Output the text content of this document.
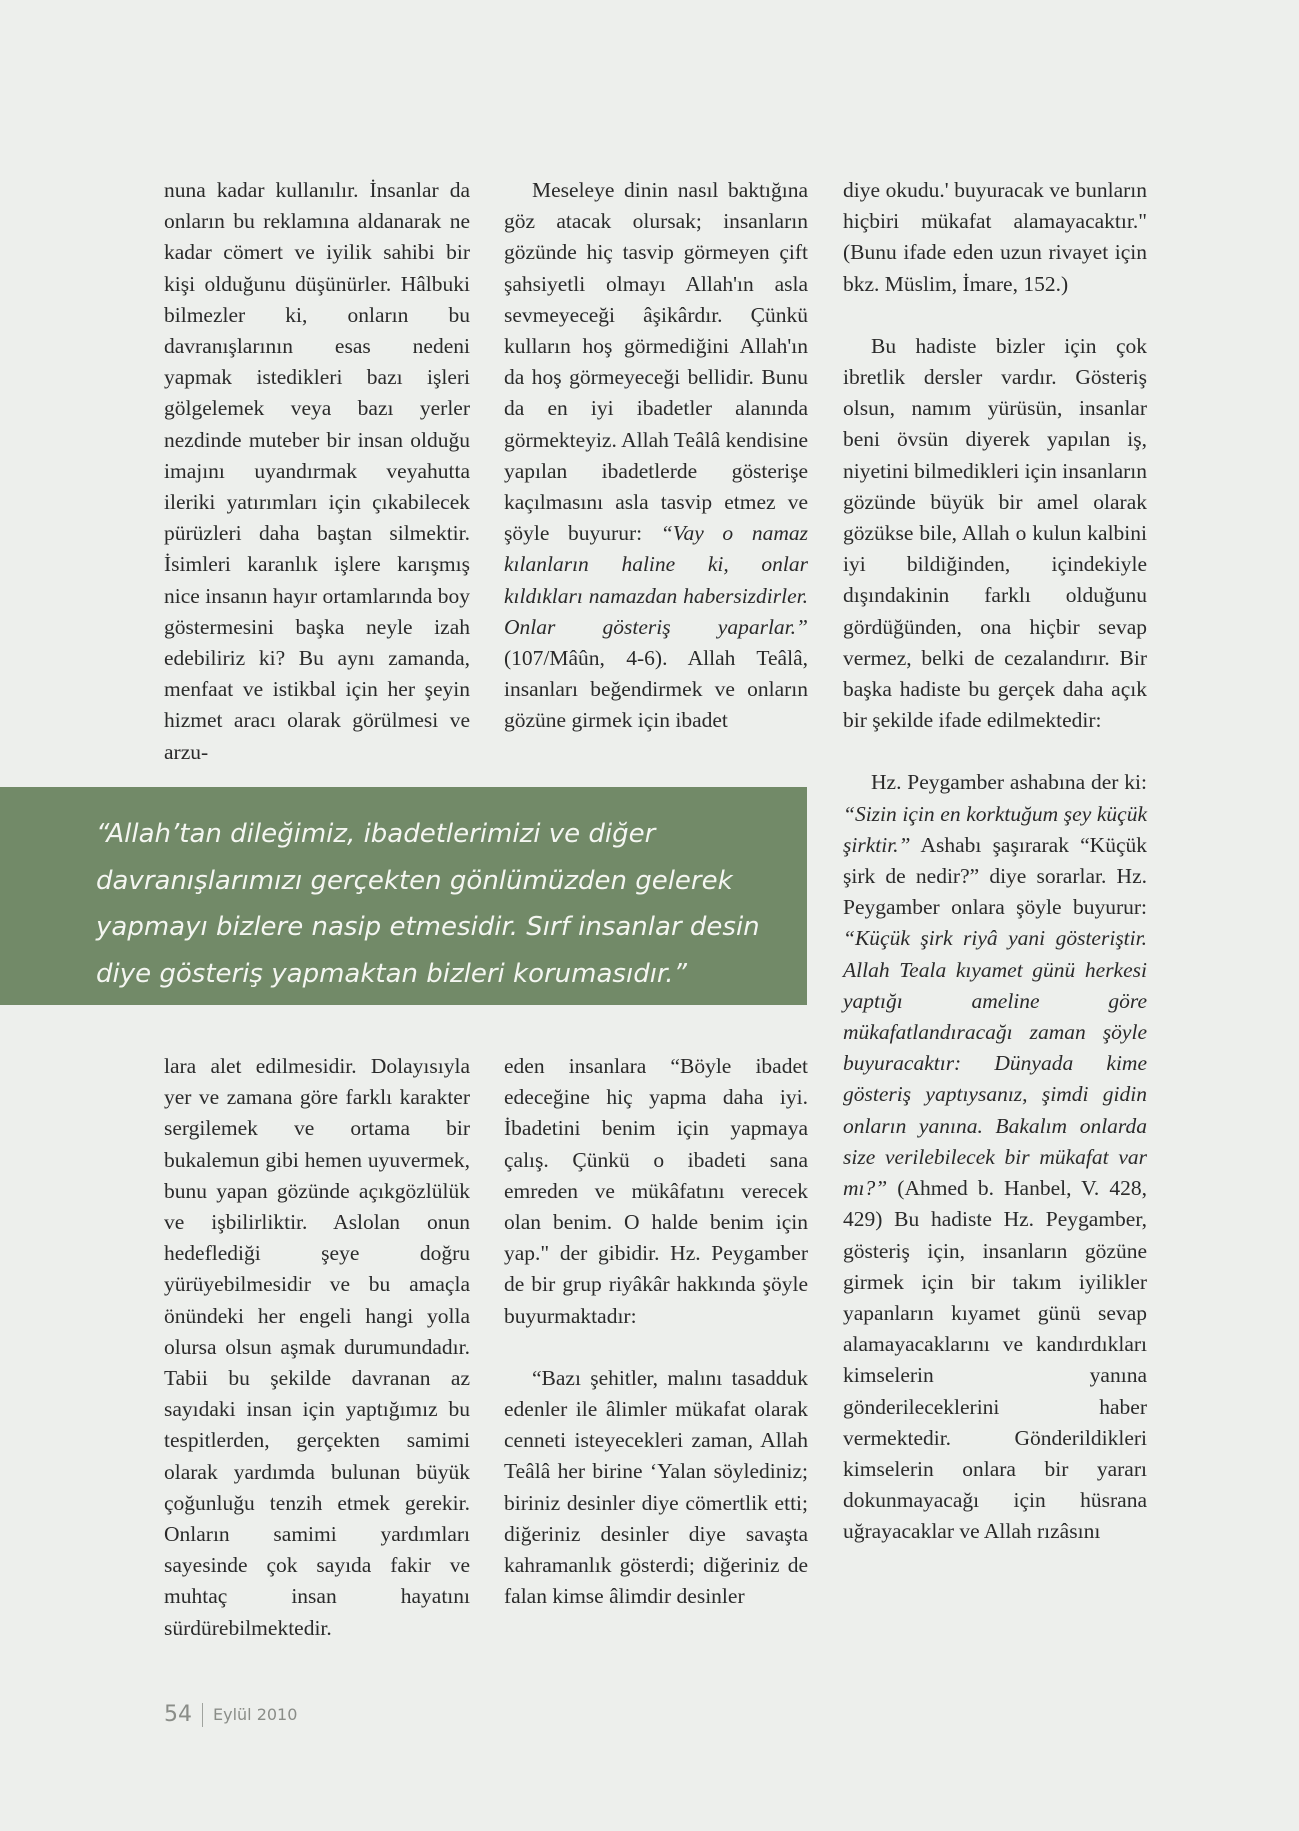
nuna kadar kullanılır. İnsanlar da onların bu reklamına aldanarak ne kadar cömert ve iyilik sahibi bir kişi olduğunu düşünürler. Hâlbuki bilmezler ki, onların bu davranışlarının esas nedeni yapmak istedikleri bazı işleri gölgelemek veya bazı yerler nezdinde muteber bir insan olduğu imajını uyandırmak veyahutta ileriki yatırımları için çıkabilecek pürüzleri daha baştan silmektir. İsimleri karanlık işlere karışmış nice insanın hayır ortamlarında boy göstermesini başka neyle izah edebiliriz ki? Bu aynı zamanda, menfaat ve istikbal için her şeyin hizmet aracı olarak görülmesi ve arzu-

Meseleye dinin nasıl baktığına göz atacak olursak; insanların gözünde hiç tasvip görmeyen çift şahsiyetli olmayı Allah'ın asla sevmeyeceği âşikârdır. Çünkü kulların hoş görmediğini Allah'ın da hoş görmeyeceği bellidir. Bunu da en iyi ibadetler alanında görmekteyiz. Allah Teâlâ kendisine yapılan ibadetlerde gösterişe kaçılmasını asla tasvip etmez ve şöyle buyurur: “Vay o namaz kılanların haline ki, onlar kıldıkları namazdan habersizdirler. Onlar gösteriş yaparlar.” (107/Mâûn, 4-6). Allah Teâlâ, insanları beğendirmek ve onların gözüne girmek için ibadet

diye okudu.' buyuracak ve bunların hiçbiri mükafat alamayacaktır." (Bunu ifade eden uzun rivayet için bkz. Müslim, İmare, 152.)

Bu hadiste bizler için çok ibretlik dersler vardır. Gösteriş olsun, namım yürüsün, insanlar beni övsün diyerek yapılan iş, niyetini bilmedikleri için insanların gözünde büyük bir amel olarak gözükse bile, Allah o kulun kalbini iyi bildiğinden, içindekiyle dışındakinin farklı olduğunu gördüğünden, ona hiçbir sevap vermez, belki de cezalandırır. Bir başka hadiste bu gerçek daha açık bir şekilde ifade edilmektedir:

Hz. Peygamber ashabına der ki: “Sizin için en korktuğum şey küçük şirktir.” Ashabı şaşırarak “Küçük şirk de nedir?” diye sorarlar. Hz. Peygamber onlara şöyle buyurur: “Küçük şirk riyâ yani gösteriştir. Allah Teala kıyamet günü herkesi yaptığı ameline göre mükafatlandıracağı zaman şöyle buyuracaktır: Dünyada kime gösteriş yaptıysanız, şimdi gidin onların yanına. Bakalım onlarda size verilebilecek bir mükafat var mı?” (Ahmed b. Hanbel, V. 428, 429) Bu hadiste Hz. Peygamber, gösteriş için, insanların gözüne girmek için bir takım iyilikler yapanların kıyamet günü sevap alamayacaklarını ve kandırdıkları kimselerin yanına gönderileceklerini haber vermektedir. Gönderildikleri kimselerin onlara bir yararı dokunmayacağı için hüsrana uğrayacaklar ve Allah rızâsını

“Allah’tan dileğimiz, ibadetlerimizi ve diğer davranışlarımızı gerçekten gönlümüzden gelerek yapmayı bizlere nasip etmesidir. Sırf insanlar desin diye gösteriş yapmaktan bizleri korumasıdır.”

lara alet edilmesidir. Dolayısıyla yer ve zamana göre farklı karakter sergilemek ve ortama bir bukalemun gibi hemen uyuvermek, bunu yapan gözünde açıkgözlülük ve işbilirliktir. Aslolan onun hedeflediği şeye doğru yürüyebilmesidir ve bu amaçla önündeki her engeli hangi yolla olursa olsun aşmak durumundadır. Tabii bu şekilde davranan az sayıdaki insan için yaptığımız bu tespitlerden, gerçekten samimi olarak yardımda bulunan büyük çoğunluğu tenzih etmek gerekir. Onların samimi yardımları sayesinde çok sayıda fakir ve muhtaç insan hayatını sürdürebilmektedir.

eden insanlara “Böyle ibadet edeceğine hiç yapma daha iyi. İbadetini benim için yapmaya çalış. Çünkü o ibadeti sana emreden ve mükâfatını verecek olan benim. O halde benim için yap." der gibidir. Hz. Peygamber de bir grup riyâkâr hakkında şöyle buyurmaktadır:

“Bazı şehitler, malını tasadduk edenler ile âlimler mükafat olarak cenneti isteyecekleri zaman, Allah Teâlâ her birine ‘Yalan söylediniz; biriniz desinler diye cömertlik etti; diğeriniz desinler diye savaşta kahramanlık gösterdi; diğeriniz de falan kimse âlimdir desinler

54 Eylül 2010
